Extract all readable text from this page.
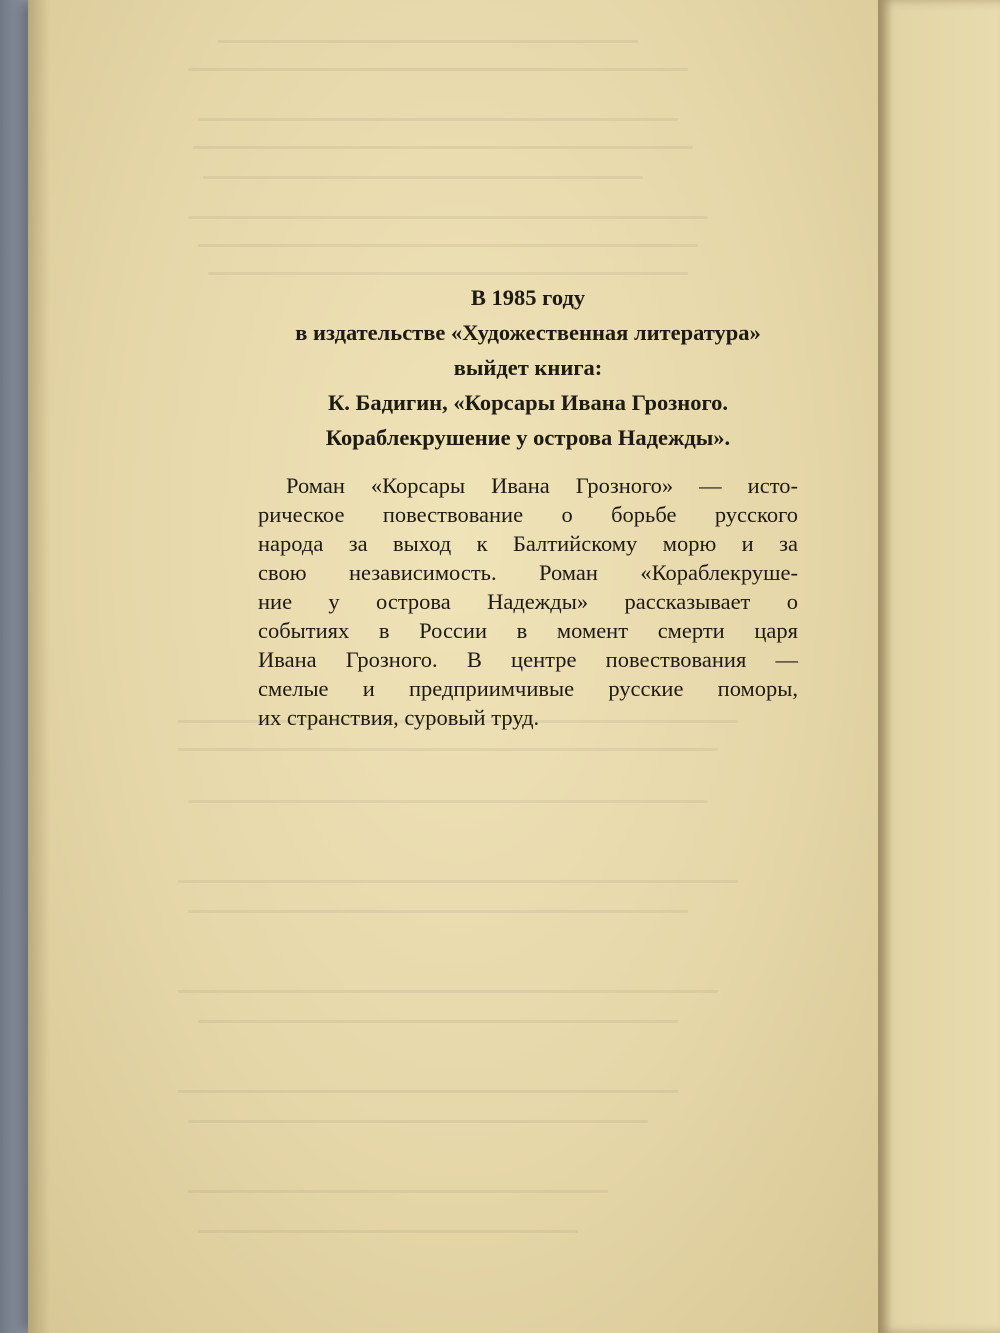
В 1985 году
в издательстве «Художественная литература»
выйдет книга:
К. Бадигин, «Корсары Ивана Грозного.
Кораблекрушение у острова Надежды».
Роман «Корсары Ивана Грозного» — исто-
рическое повествование о борьбе русского
народа за выход к Балтийскому морю и за
свою независимость. Роман «Кораблекруше-
ние у острова Надежды» рассказывает о
событиях в России в момент смерти царя
Ивана Грозного. В центре повествования —
смелые и предприимчивые русские поморы,
их странствия, суровый труд.
